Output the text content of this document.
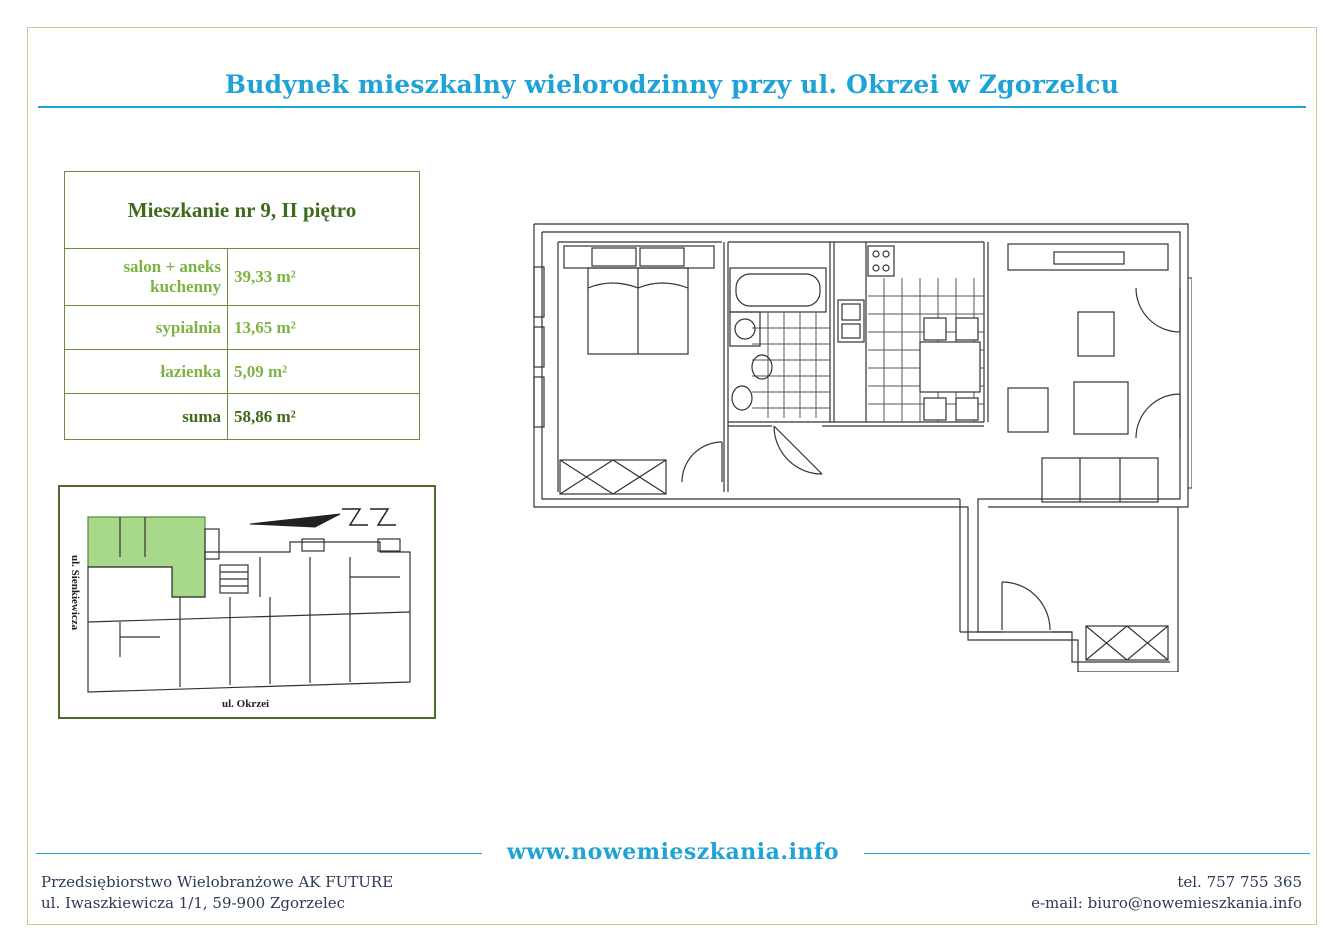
Budynek mieszkalny wielorodzinny przy ul. Okrzei w Zgorzelcu
Mieszkanie nr 9, II piętro	
salon + aneks kuchenny	39,33 m²
sypialnia	13,65 m²
łazienka	5,09 m²
suma	58,86 m²
ul. Sienkiewicza
ul. Okrzei
www.nowemieszkania.info
Przedsiębiorstwo Wielobranżowe AK FUTURE
ul. Iwaszkiewicza 1/1, 59-900 Zgorzelec
tel. 757 755 365
e-mail: biuro@nowemieszkania.info
